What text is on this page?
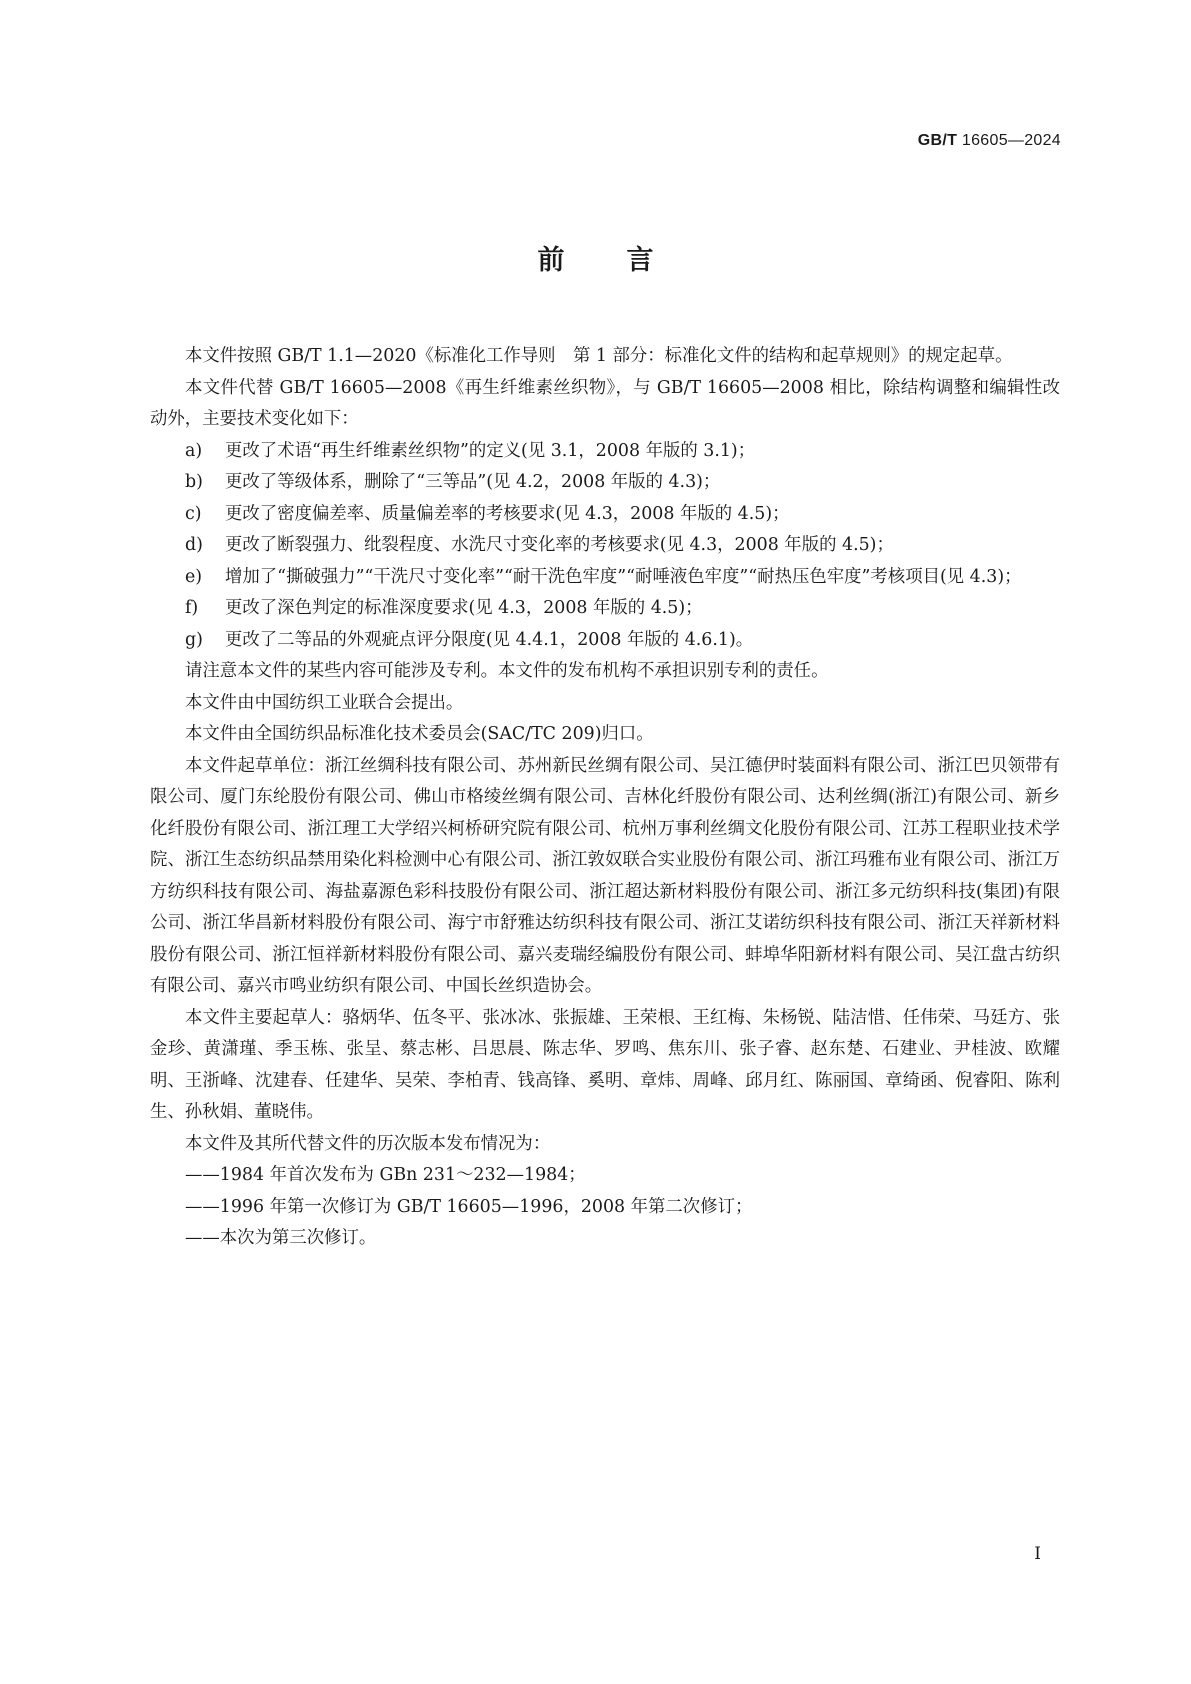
GB/T 16605—2024
前言

本文件按照 GB/T 1.1—2020《标准化工作导则　第 1 部分：标准化文件的结构和起草规则》的规定起草。

本文件代替 GB/T 16605—2008《再生纤维素丝织物》，与 GB/T 16605—2008 相比，除结构调整和编辑性改动外，主要技术变化如下：

a)	更改了术语“再生纤维素丝织物”的定义(见 3.1，2008 年版的 3.1)；
b)	更改了等级体系，删除了“三等品”(见 4.2，2008 年版的 4.3)；
c)	更改了密度偏差率、质量偏差率的考核要求(见 4.3，2008 年版的 4.5)；
d)	更改了断裂强力、纰裂程度、水洗尺寸变化率的考核要求(见 4.3，2008 年版的 4.5)；
e)	增加了“撕破强力”“干洗尺寸变化率”“耐干洗色牢度”“耐唾液色牢度”“耐热压色牢度”考核项目(见 4.3)；
f)	更改了深色判定的标准深度要求(见 4.3，2008 年版的 4.5)；
g)	更改了二等品的外观疵点评分限度(见 4.4.1，2008 年版的 4.6.1)。

请注意本文件的某些内容可能涉及专利。本文件的发布机构不承担识别专利的责任。

本文件由中国纺织工业联合会提出。

本文件由全国纺织品标准化技术委员会(SAC/TC 209)归口。

本文件起草单位：浙江丝绸科技有限公司、苏州新民丝绸有限公司、吴江德伊时装面料有限公司、浙江巴贝领带有限公司、厦门东纶股份有限公司、佛山市格绫丝绸有限公司、吉林化纤股份有限公司、达利丝绸(浙江)有限公司、新乡化纤股份有限公司、浙江理工大学绍兴柯桥研究院有限公司、杭州万事利丝绸文化股份有限公司、江苏工程职业技术学院、浙江生态纺织品禁用染化料检测中心有限公司、浙江敦奴联合实业股份有限公司、浙江玛雅布业有限公司、浙江万方纺织科技有限公司、海盐嘉源色彩科技股份有限公司、浙江超达新材料股份有限公司、浙江多元纺织科技(集团)有限公司、浙江华昌新材料股份有限公司、海宁市舒雅达纺织科技有限公司、浙江艾诺纺织科技有限公司、浙江天祥新材料股份有限公司、浙江恒祥新材料股份有限公司、嘉兴麦瑞经编股份有限公司、蚌埠华阳新材料有限公司、吴江盘古纺织有限公司、嘉兴市鸣业纺织有限公司、中国长丝织造协会。

本文件主要起草人：骆炳华、伍冬平、张冰冰、张振雄、王荣根、王红梅、朱杨锐、陆洁惜、任伟荣、马廷方、张金珍、黄潇瑾、季玉栋、张呈、蔡志彬、吕思晨、陈志华、罗鸣、焦东川、张子睿、赵东楚、石建业、尹桂波、欧耀明、王浙峰、沈建春、任建华、吴荣、李柏青、钱高锋、奚明、章炜、周峰、邱月红、陈丽国、章绮函、倪睿阳、陈利生、孙秋娟、董晓伟。

本文件及其所代替文件的历次版本发布情况为：

——1984 年首次发布为 GBn 231～232—1984；

——1996 年第一次修订为 GB/T 16605—1996，2008 年第二次修订；

——本次为第三次修订。

I
